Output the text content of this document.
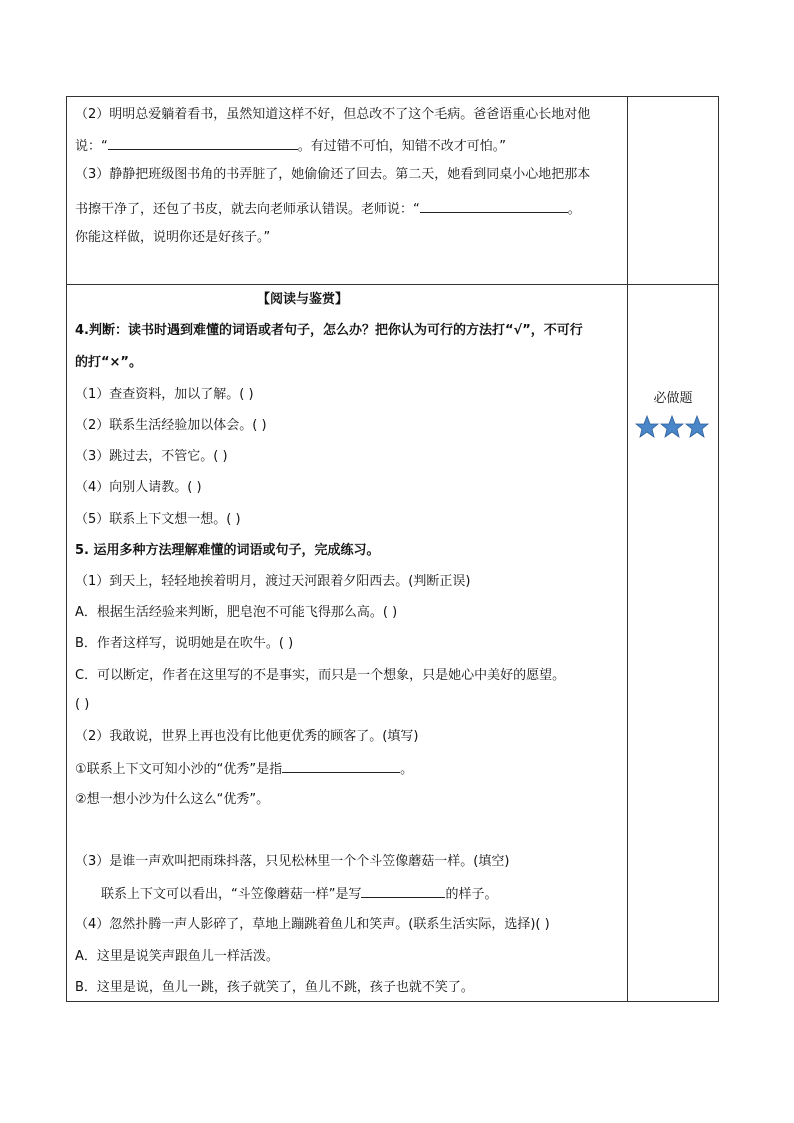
（2）明明总爱躺着看书，虽然知道这样不好，但总改不了这个毛病。爸爸语重心长地对他
说：“	。有过错不可怕，知错不改才可怕。”
（3）静静把班级图书角的书弄脏了，她偷偷还了回去。第二天，她看到同桌小心地把那本
书擦干净了，还包了书皮，就去向老师承认错误。老师说：“	。
你能这样做，说明你还是好孩子。”
【阅读与鉴赏】
4.判断：读书时遇到难懂的词语或者句子，怎么办？把你认为可行的方法打“√”，不可行
的打“×”。
（1）查查资料，加以了解。( )
（2）联系生活经验加以体会。( )
（3）跳过去，不管它。( )
（4）向别人请教。( )
（5）联系上下文想一想。( )
5. 运用多种方法理解难懂的词语或句子，完成练习。
（1）到天上，轻轻地挨着明月，渡过天河跟着夕阳西去。(判断正误)
A．根据生活经验来判断，肥皂泡不可能飞得那么高。( )
B．作者这样写，说明她是在吹牛。( )
C．可以断定，作者在这里写的不是事实，而只是一个想象，只是她心中美好的愿望。
( )
（2）我敢说，世界上再也没有比他更优秀的顾客了。(填写)
①联系上下文可知小沙的“优秀”是指	。
②想一想小沙为什么这么“优秀”。
（3）是谁一声欢叫把雨珠抖落，只见松林里一个个斗笠像蘑菇一样。(填空)
联系上下文可以看出，“斗笠像蘑菇一样”是写	的样子。
（4）忽然扑腾一声人影碎了，草地上蹦跳着鱼儿和笑声。(联系生活实际，选择)( )
A．这里是说笑声跟鱼儿一样活泼。
B．这里是说，鱼儿一跳，孩子就笑了，鱼儿不跳，孩子也就不笑了。
必做题
